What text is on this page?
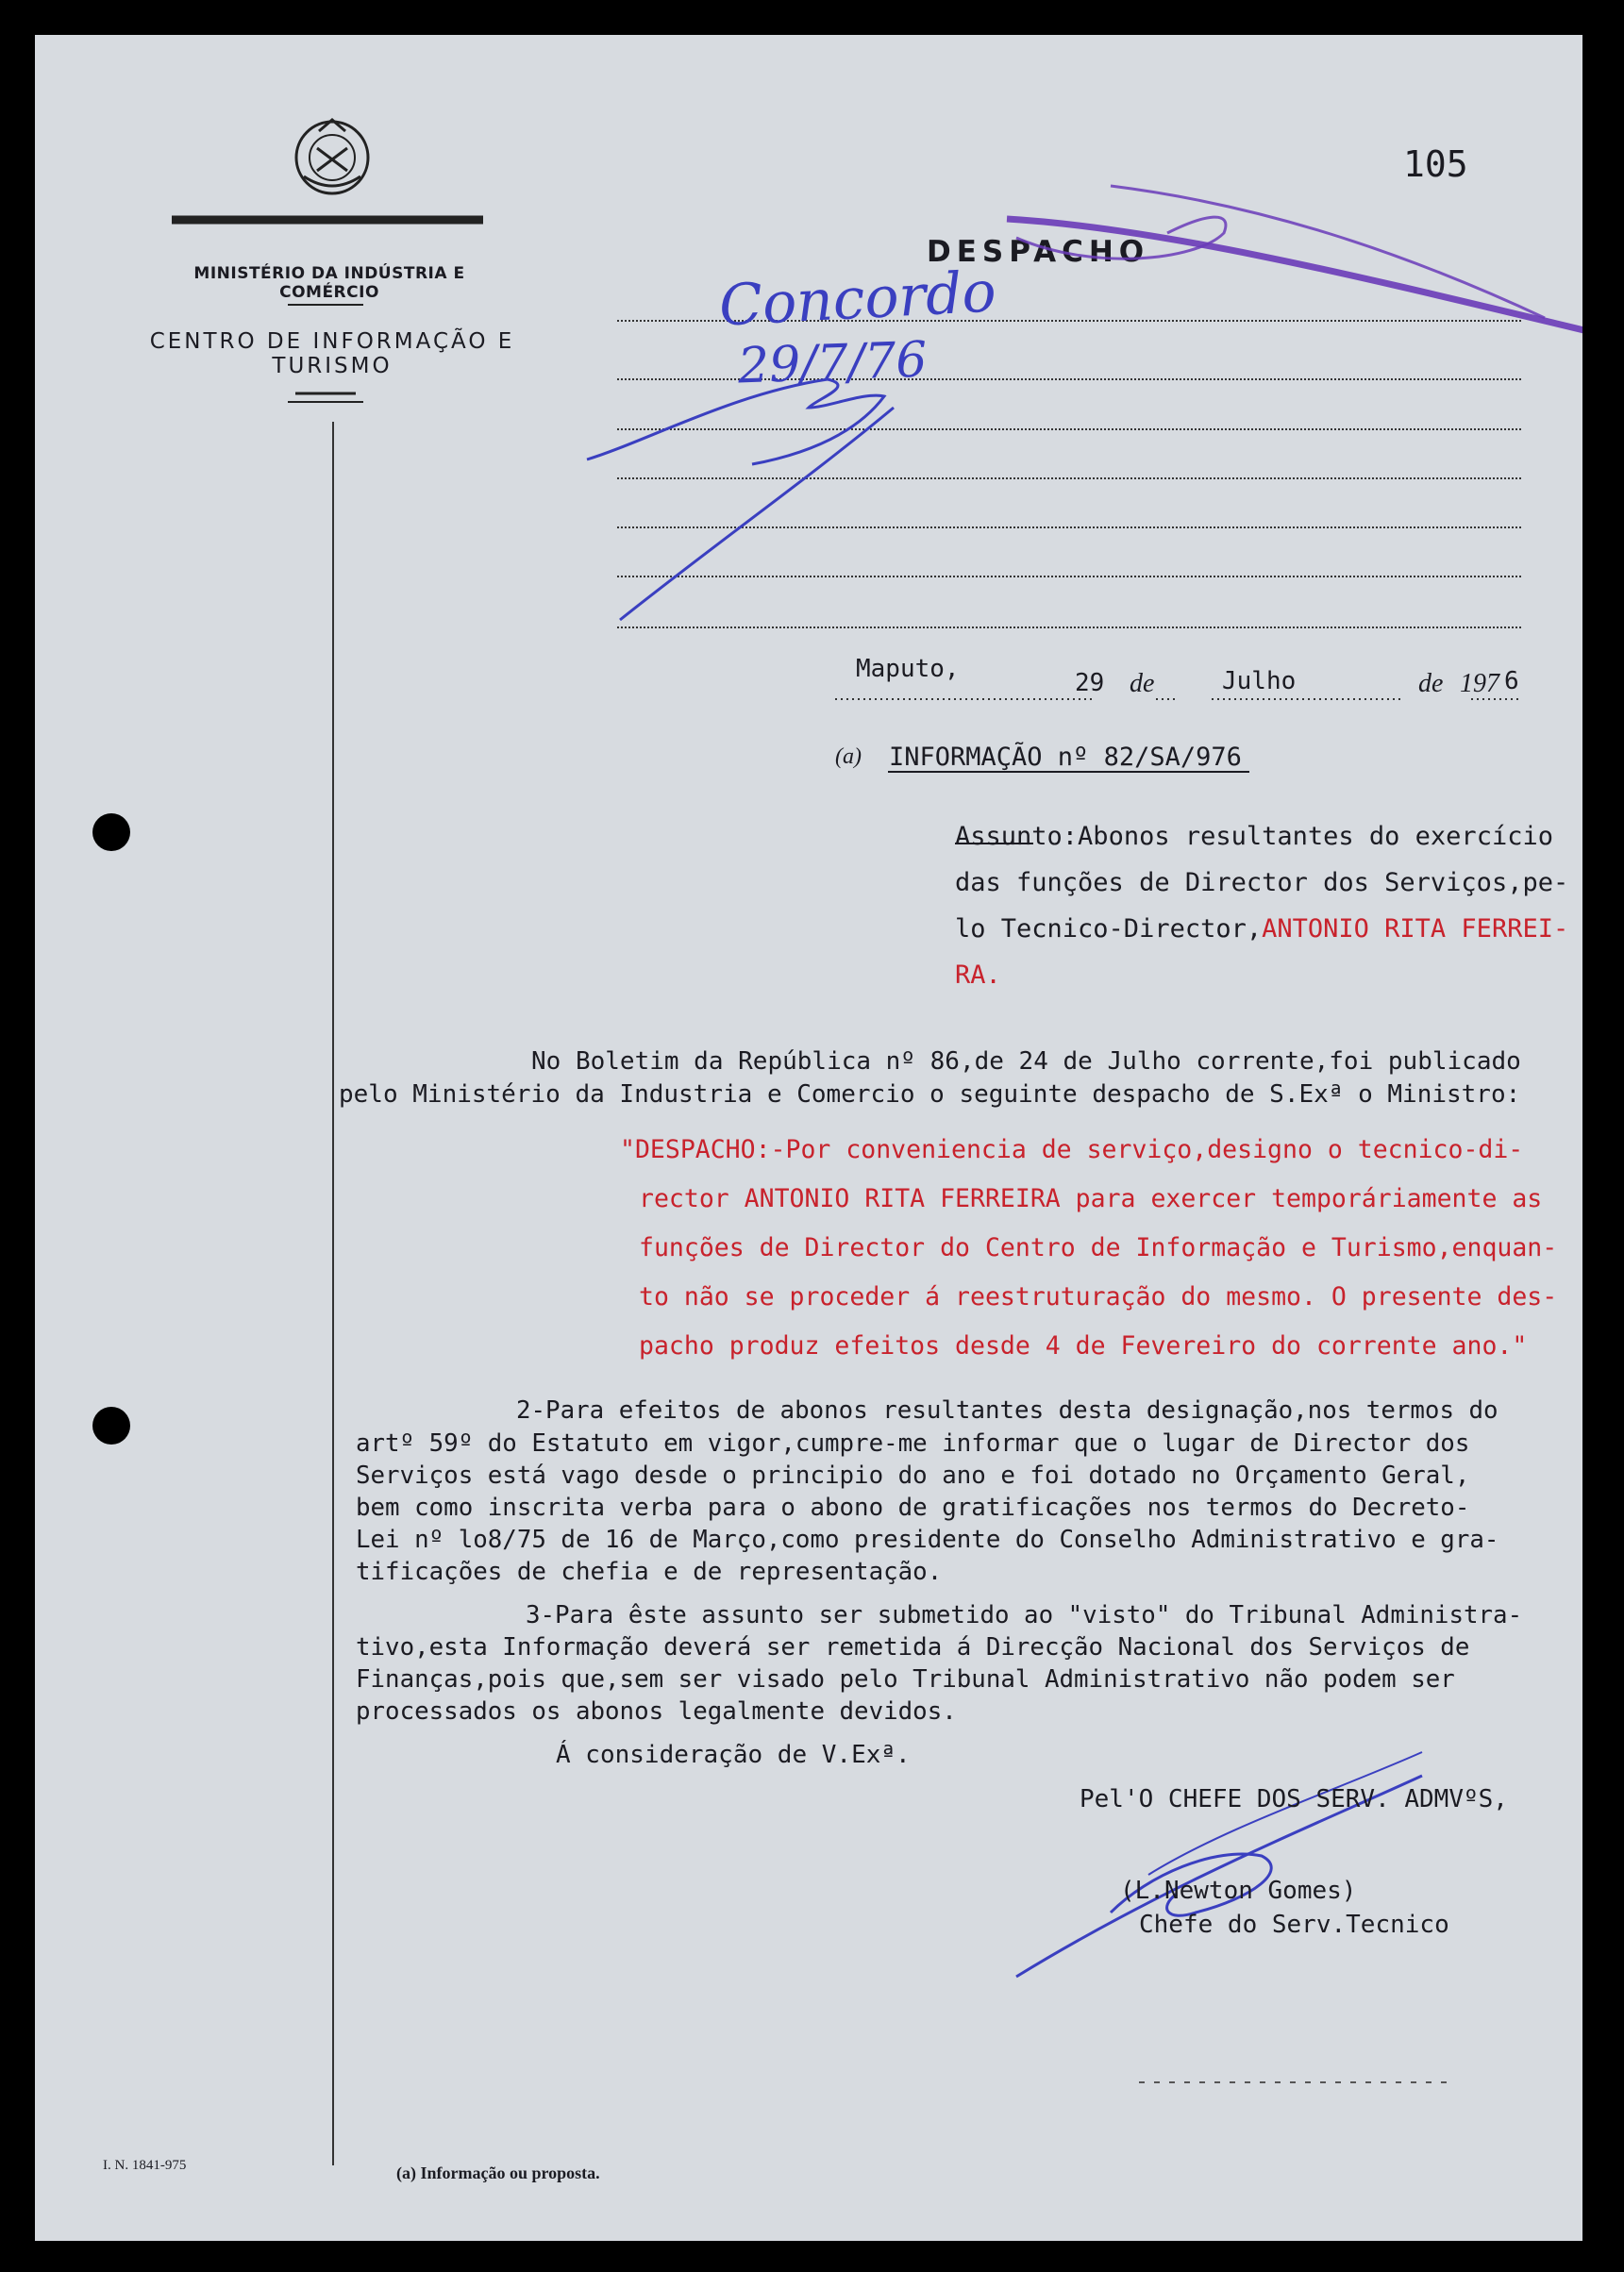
105
MINISTÉRIO DA INDÚSTRIA E COMÉRCIO
CENTRO DE INFORMAÇÃO E TURISMO
DESPACHO
Concordo
29/7/76
Maputo,	29 de	Julho	de 197 6
(a) INFORMAÇÃO nº 82/SA/976
Assunto:Abonos resultantes do exercício
das funções de Director dos Serviços,pe-
lo Tecnico-Director,ANTONIO RITA FERREI-
RA.
No Boletim da República nº 86,de 24 de Julho corrente,foi publicado
pelo Ministério da Industria e Comercio o seguinte despacho de S.Exª o Ministro:
"DESPACHO:-Por conveniencia de serviço,designo o tecnico-di-
rector ANTONIO RITA FERREIRA para exercer temporáriamente as
funções de Director do Centro de Informação e Turismo,enquan-
to não se proceder á reestruturação do mesmo. O presente des-
pacho produz efeitos desde 4 de Fevereiro do corrente ano."
2-Para efeitos de abonos resultantes desta designação,nos termos do
artº 59º do Estatuto em vigor,cumpre-me informar que o lugar de Director dos
Serviços está vago desde o principio do ano e foi dotado no Orçamento Geral,
bem como inscrita verba para o abono de gratificações nos termos do Decreto-
Lei nº lo8/75 de 16 de Março,como presidente do Conselho Administrativo e gra-
tificações de chefia e de representação.
3-Para êste assunto ser submetido ao "visto" do Tribunal Administra-
tivo,esta Informação deverá ser remetida á Direcção Nacional dos Serviços de
Finanças,pois que,sem ser visado pelo Tribunal Administrativo não podem ser
processados os abonos legalmente devidos.
Á consideração de V.Exª.
Pel'O CHEFE DOS SERV. ADMVºS,
(L.Newton Gomes)
Chefe do Serv.Tecnico
I. N. 1841-975	(a) Informação ou proposta.
